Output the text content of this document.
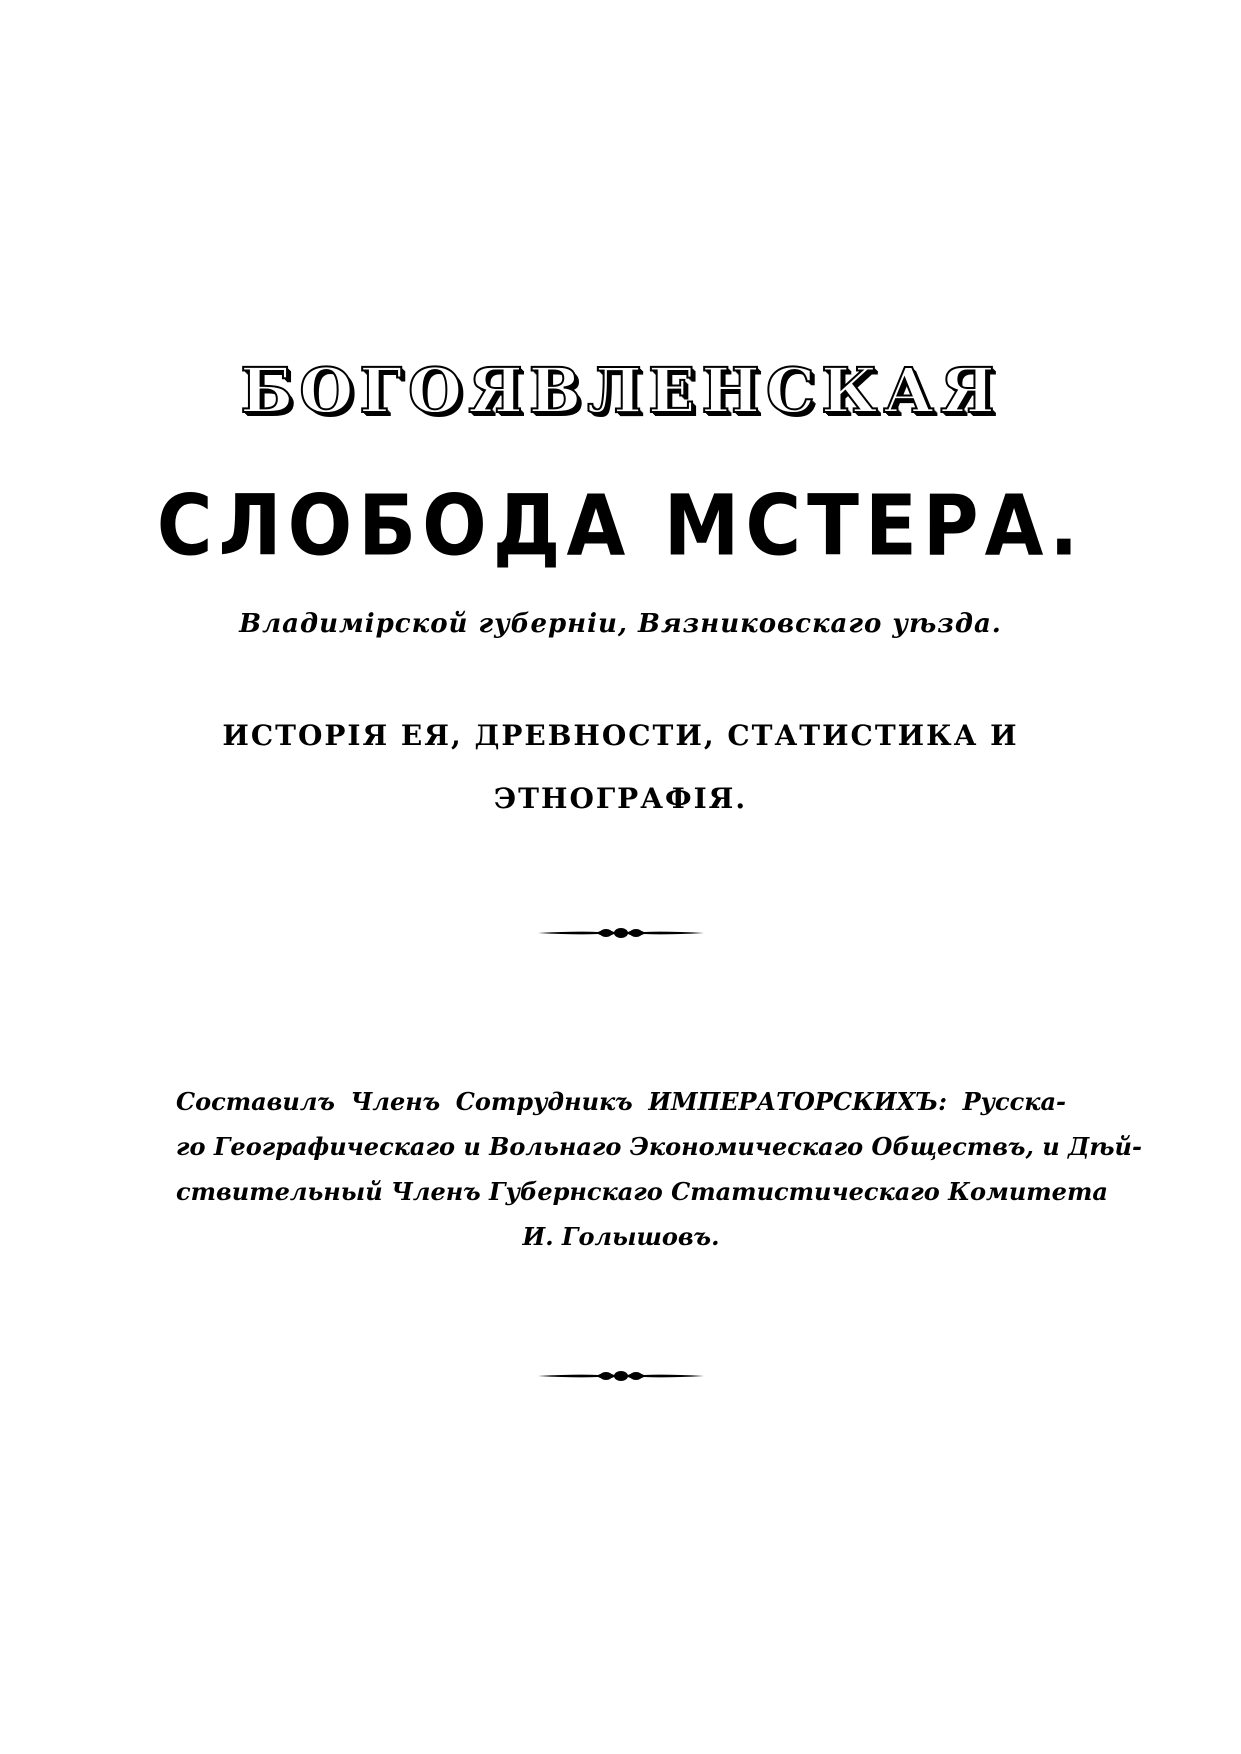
БОГОЯВЛЕНСКАЯ
СЛОБОДА МСТЕРА.
Владимірской губерніи, Вязниковскаго уѣзда.
ИСТОРІЯ ЕЯ, ДРЕВНОСТИ, СТАТИСТИКА И
ЭТНОГРАФІЯ.
Составилъ Членъ Сотрудникъ ИМПЕРАТОРСКИХЪ: Русска-
го Географическаго и Вольнаго Экономическаго Обществъ, и Дѣй-
ствительный Членъ Губернскаго Статистическаго Комитета
И. Голышовъ.
